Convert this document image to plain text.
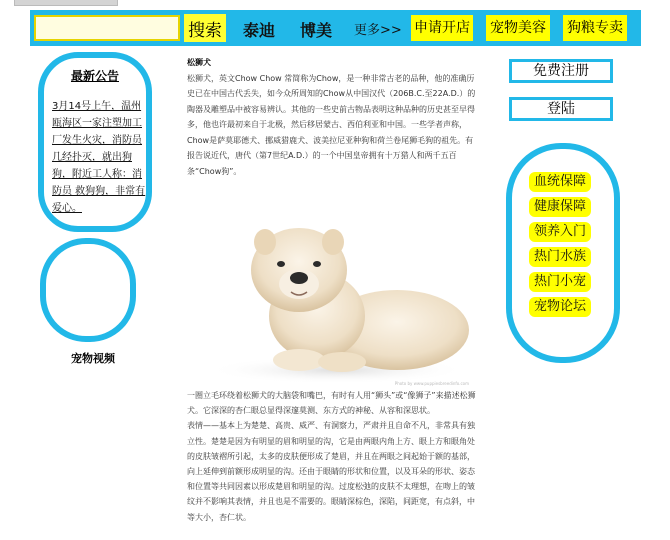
搜索 泰迪 博美 更多>> 申请开店 宠物美容 狗粮专卖
最新公告
3月14号上午，温州瓯海区一家注塑加工厂发生火灾，消防员几经扑灭，就出狗狗，附近工人称：消防员 救狗狗，非常有爱心。
宠物视频

松狮犬

松狮犬，英文Chow Chow 常简称为Chow，是一种非常古老的品种，他的准确历史已在中国古代丢失，如今众所周知的Chow从中国汉代（206B.C.至22A.D.）的陶器及雕塑品中被容易辨认。其他的一些史前古物品表明这种品种的历史甚至早得多，他也许最初来自于北极，然后移居蒙古、西伯利亚和中国。一些学者声称，Chow是萨莫耶德犬、挪威猎鹿犬、波美拉尼亚种狗和荷兰卷尾狮毛狗的祖先。有报告说近代，唐代（第7世纪A.D.）的一个中国皇帝拥有十万猎人和两千五百条“Chow狗”。

Photo by www.puppiesbreedinfo.com

一圈立毛环绕着松狮犬的大脑袋和嘴巴，有时有人用“狮头”或“像狮子”来描述松狮犬。它深深的杏仁眼总显得深邃莫测、东方式的神秘、从容和深思状。

表情——基本上为楚楚、高贵、威严、有洞察力，严肃并且自命不凡，非常具有独立性。楚楚是因为有明显的眉和明显的沟，它是由两眼内角上方、眼上方和眼角处的皮肤皱褶所引起，太多的皮肤便形成了楚眉，并且在两眼之间起始于额的基部，向上延伸到前额形成明显的沟。还由于眼睛的形状和位置，以及耳朵的形状、姿态和位置等共同因素以形成楚眉和明显的沟。过度松弛的皮肤不太理想，在吻上的皱纹并不影响其表情，并且也是不需要的。眼睛深棕色，深陷，间距宽，有点斜，中等大小，杏仁状。

免费注册
登陆
血统保障
健康保障
领养入门
热门水族
热门小宠
宠物论坛
